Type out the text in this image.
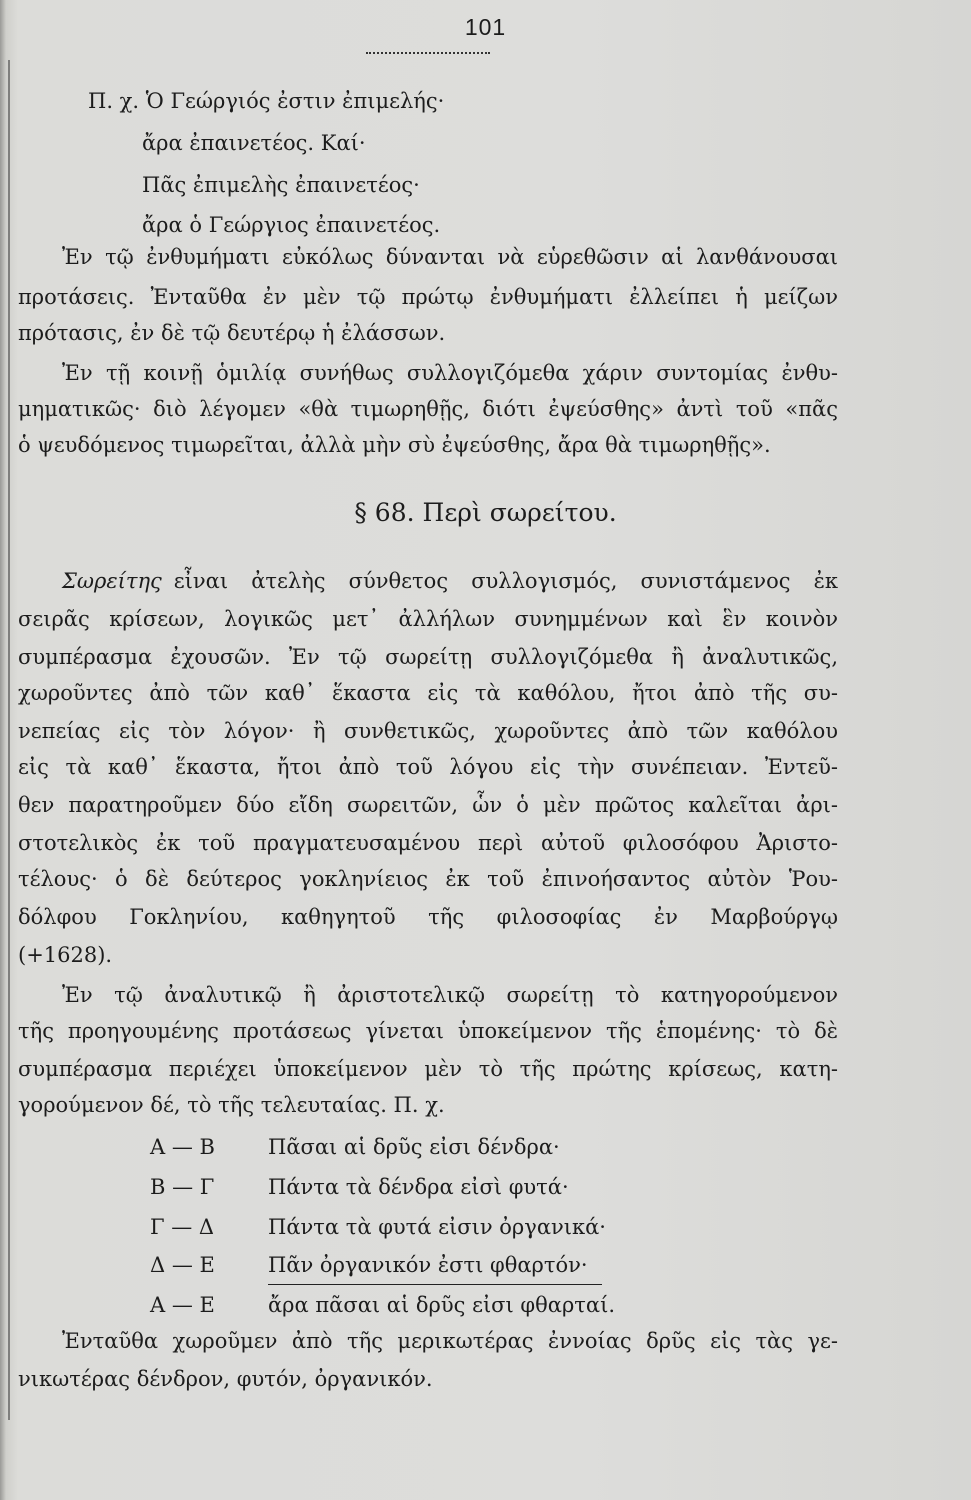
101
Π. χ. Ὁ Γεώργιός ἐστιν ἐπιμελής·
ἄρα ἐπαινετέος. Καί·
Πᾶς ἐπιμελὴς ἐπαινετέος·
ἄρα ὁ Γεώργιος ἐπαινετέος.
Ἐν τῷ ἐνθυμήματι εὐκόλως δύνανται νὰ εὑρεθῶσιν αἱ λανθάνουσαι
προτάσεις. Ἐνταῦθα ἐν μὲν τῷ πρώτῳ ἐνθυμήματι ἐλλείπει ἡ μείζων
πρότασις, ἐν δὲ τῷ δευτέρῳ ἡ ἐλάσσων.
Ἐν τῇ κοινῇ ὁμιλίᾳ συνήθως συλλογιζόμεθα χάριν συντομίας ἐνθυ-
μηματικῶς· διὸ λέγομεν «θὰ τιμωρηθῇς, διότι ἐψεύσθης» ἀντὶ τοῦ «πᾶς
ὁ ψευδόμενος τιμωρεῖται, ἀλλὰ μὴν σὺ ἐψεύσθης, ἄρα θὰ τιμωρηθῇς».
§ 68. Περὶ σωρείτου.
Σωρείτης εἶναι ἀτελὴς σύνθετος συλλογισμός, συνιστάμενος ἐκ
σειρᾶς κρίσεων, λογικῶς μετ᾽ ἀλλήλων συνημμένων καὶ ἓν κοινὸν
συμπέρασμα ἐχουσῶν. Ἐν τῷ σωρείτῃ συλλογιζόμεθα ἢ ἀναλυτικῶς,
χωροῦντες ἀπὸ τῶν καθ᾽ ἕκαστα εἰς τὰ καθόλου, ἤτοι ἀπὸ τῆς συ-
νεπείας εἰς τὸν λόγον· ἢ συνθετικῶς, χωροῦντες ἀπὸ τῶν καθόλου
εἰς τὰ καθ᾽ ἕκαστα, ἤτοι ἀπὸ τοῦ λόγου εἰς τὴν συνέπειαν. Ἐντεῦ-
θεν παρατηροῦμεν δύο εἴδη σωρειτῶν, ὧν ὁ μὲν πρῶτος καλεῖται ἀρι-
στοτελικὸς ἐκ τοῦ πραγματευσαμένου περὶ αὐτοῦ φιλοσόφου Ἀριστο-
τέλους· ὁ δὲ δεύτερος γοκληνίειος ἐκ τοῦ ἐπινοήσαντος αὐτὸν Ῥου-
δόλφου Γοκληνίου, καθηγητοῦ τῆς φιλοσοφίας ἐν Μαρβούργῳ
(+1628).
Ἐν τῷ ἀναλυτικῷ ἢ ἀριστοτελικῷ σωρείτῃ τὸ κατηγορούμενον
τῆς προηγουμένης προτάσεως γίνεται ὑποκείμενον τῆς ἑπομένης· τὸ δὲ
συμπέρασμα περιέχει ὑποκείμενον μὲν τὸ τῆς πρώτης κρίσεως, κατη-
γορούμενον δέ, τὸ τῆς τελευταίας. Π. χ.
Α — Β	Πᾶσαι αἱ δρῦς εἰσι δένδρα·
Β — Γ	Πάντα τὰ δένδρα εἰσὶ φυτά·
Γ — Δ	Πάντα τὰ φυτά εἰσιν ὀργανικά·
Δ — Ε	Πᾶν ὀργανικόν ἐστι φθαρτόν·
Α — Ε	ἄρα πᾶσαι αἱ δρῦς εἰσι φθαρταί.
Ἐνταῦθα χωροῦμεν ἀπὸ τῆς μερικωτέρας ἐννοίας δρῦς εἰς τὰς γε-
νικωτέρας δένδρον, φυτόν, ὀργανικόν.
